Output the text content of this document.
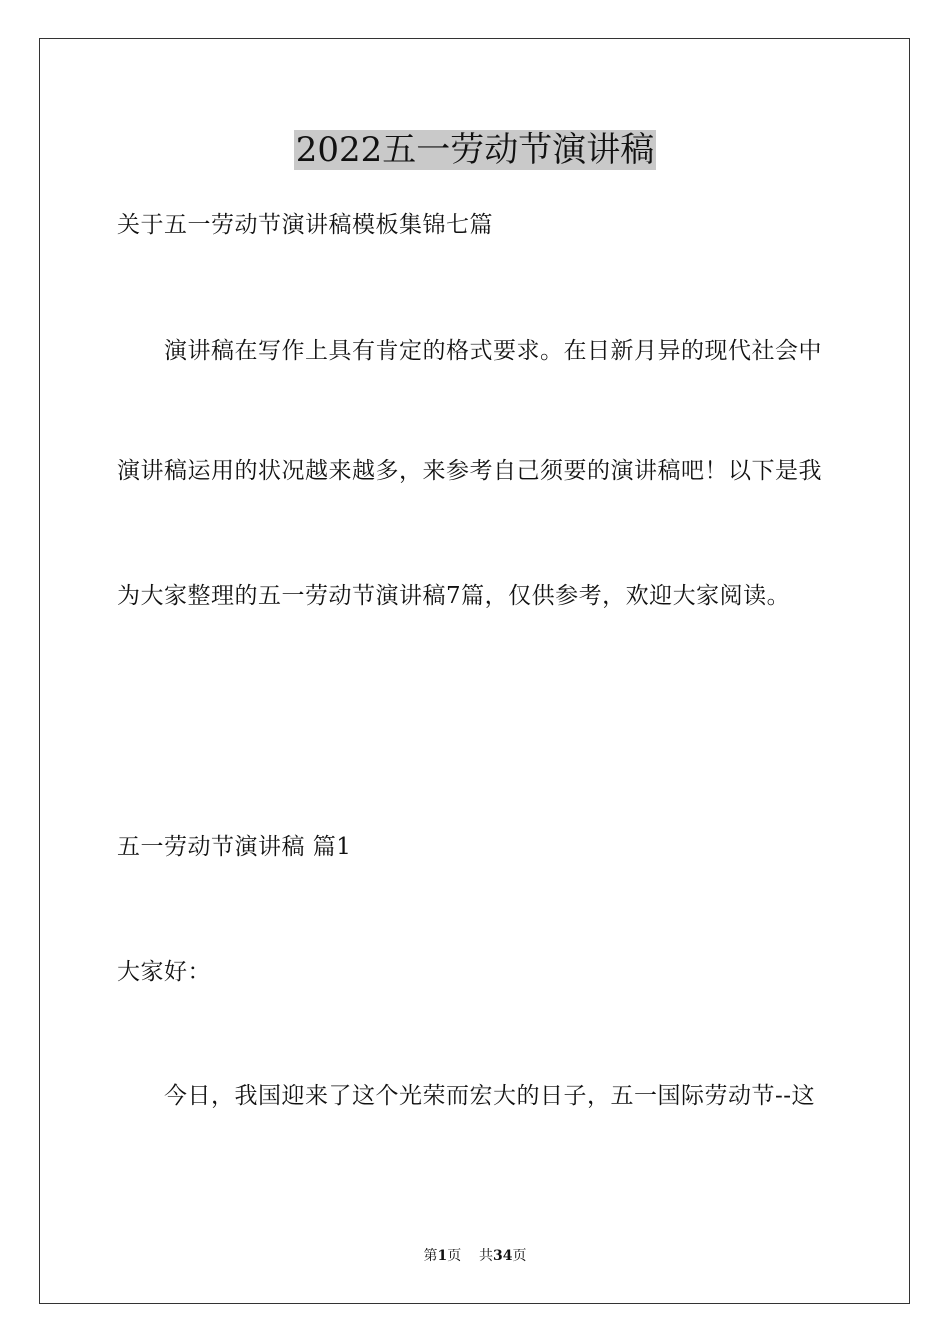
2022五一劳动节演讲稿
关于五一劳动节演讲稿模板集锦七篇
演讲稿在写作上具有肯定的格式要求。在日新月异的现代社会中
演讲稿运用的状况越来越多，来参考自己须要的演讲稿吧！以下是我
为大家整理的五一劳动节演讲稿7篇，仅供参考，欢迎大家阅读。
五一劳动节演讲稿 篇1
大家好：
今日，我国迎来了这个光荣而宏大的日子，五一国际劳动节--这
第1页 共34页
